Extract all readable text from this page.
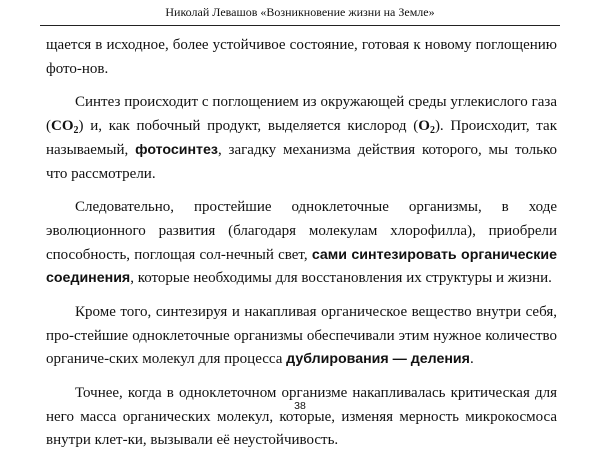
Николай Левашов «Возникновение жизни на Земле»

щается в исходное, более устойчивое состояние, готовая к новому поглощению фото-нов.

Синтез происходит с поглощением из окружающей среды углекислого газа $(CO_2)$ и, как побочный продукт, выделяется кислород $(O_2)$. Происходит, так называемый, фотосинтез, загадку механизма действия которого, мы только что рассмотрели.

Следовательно, простейшие одноклеточные организмы, в ходе эволюционного развития (благодаря молекулам хлорофилла), приобрели способность, поглощая сол-нечный свет, сами синтезировать органические соединения, которые необходимы для восстановления их структуры и жизни.

Кроме того, синтезируя и накапливая органическое вещество внутри себя, про-стейшие одноклеточные организмы обеспечивали этим нужное количество органиче-ских молекул для процесса дублирования — деления.

Точнее, когда в одноклеточном организме накапливалась критическая для него масса органических молекул, которые, изменяя мерность микрокосмоса внутри клет-ки, вызывали её неустойчивость.

38
